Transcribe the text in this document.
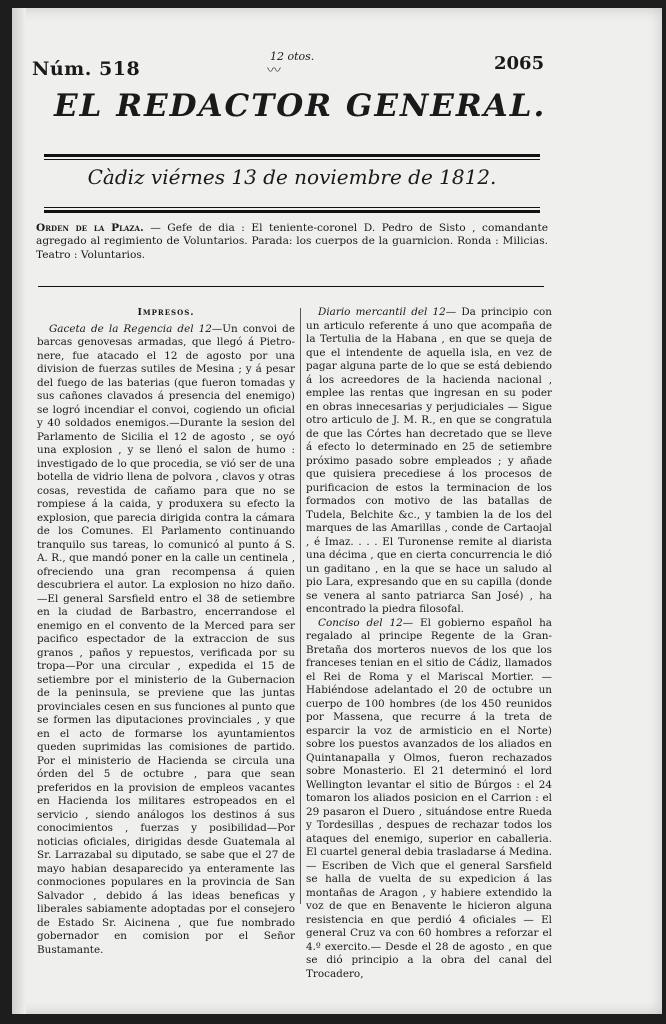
Núm. 518
12 otos.
〰	2065
EL REDACTOR GENERAL.
Càdiz viérnes 13 de noviembre de 1812.
Orden de la Plaza. — Gefe de dia : El teniente-coronel D. Pedro de Sisto , comandante agregado al regimiento de Voluntarios. Parada: los cuerpos de la guarnicion. Ronda : Milicias. Teatro : Voluntarios.
Impresos.

Gaceta de la Regencia del 12—Un convoi de barcas genovesas armadas, que llegó á Pietro-nere, fue atacado el 12 de agosto por una division de fuerzas sutiles de Mesina ; y á pesar del fuego de las baterias (que fueron tomadas y sus cañones clavados á presencia del enemigo) se logró incendiar el convoi, cogiendo un oficial y 40 soldados enemigos.—Durante la sesion del Parlamento de Sicilia el 12 de agosto , se oyó una explosion , y se llenó el salon de humo : investigado de lo que procedia, se vió ser de una botella de vidrio llena de polvora , clavos y otras cosas, revestida de cañamo para que no se rompiese á la caida, y produxera su efecto la explosion, que parecia dirigida contra la cámara de los Comunes. El Parlamento continuando tranquilo sus tareas, lo comunicó al punto á S. A. R., que mandó poner en la calle un centinela , ofreciendo una gran recompensa á quien descubriera el autor. La explosion no hizo daño.—El general Sarsfield entro el 38 de setiembre en la ciudad de Barbastro, encerrandose el enemigo en el convento de la Merced para ser pacifico espectador de la extraccion de sus granos , paños y repuestos, verificada por su tropa—Por una circular , expedida el 15 de setiembre por el ministerio de la Gubernacion de la peninsula, se previene que las juntas provinciales cesen en sus funciones al punto que se formen las diputaciones provinciales , y que en el acto de formarse los ayuntamientos queden suprimidas las comisiones de partido. Por el ministerio de Hacienda se circula una órden del 5 de octubre , para que sean preferidos en la provision de empleos vacantes en Hacienda los militares estropeados en el servicio , siendo análogos los destinos á sus conocimientos , fuerzas y posibilidad—Por noticias oficiales, dirigidas desde Guatemala al Sr. Larrazabal su diputado, se sabe que el 27 de mayo habian desaparecido ya enteramente las conmociones populares en la provincia de San Salvador , debido á las ideas beneficas y liberales sabiamente adoptadas por el consejero de Estado Sr. Aicinena , que fue nombrado gobernador en comision por el Señor Bustamante.

Diario mercantil del 12— Da principio con un articulo referente á uno que acompaña de la Tertulia de la Habana , en que se queja de que el intendente de aquella isla, en vez de pagar alguna parte de lo que se está debiendo á los acreedores de la hacienda nacional , emplee las rentas que ingresan en su poder en obras innecesarias y perjudiciales — Sigue otro articulo de J. M. R., en que se congratula de que las Córtes han decretado que se lleve á efecto lo determinado en 25 de setiembre próximo pasado sobre empleados ; y añade que quisiera precediese á los procesos de purificacion de estos la terminacion de los formados con motivo de las batallas de Tudela, Belchite &c., y tambien la de los del marques de las Amarillas , conde de Cartaojal , é Imaz. . . . El Turonense remite al diarista una décima , que en cierta concurrencia le dió un gaditano , en la que se hace un saludo al pio Lara, expresando que en su capilla (donde se venera al santo patriarca San José) , ha encontrado la piedra filosofal.

Conciso del 12— El gobierno español ha regalado al principe Regente de la Gran-Bretaña dos morteros nuevos de los que los franceses tenian en el sitio de Cádiz, llamados el Rei de Roma y el Mariscal Mortier. — Habiéndose adelantado el 20 de octubre un cuerpo de 100 hombres (de los 450 reunidos por Massena, que recurre á la treta de esparcir la voz de armisticio en el Norte) sobre los puestos avanzados de los aliados en Quintanapalla y Olmos, fueron rechazados sobre Monasterio. El 21 determinó el lord Wellington levantar el sitio de Búrgos : el 24 tomaron los aliados posicion en el Carrion : el 29 pasaron el Duero , situándose entre Rueda y Tordesillas , despues de rechazar todos los ataques del enemigo, superior en caballeria. El cuartel general debia trasladarse á Medina.— Escriben de Vich que el general Sarsfield se halla de vuelta de su expedicion á las montañas de Aragon , y habiere extendido la voz de que en Benavente le hicieron alguna resistencia en que perdió 4 oficiales — El general Cruz va con 60 hombres a reforzar el 4.º exercito.— Desde el 28 de agosto , en que se dió principio a la obra del canal del Trocadero,
